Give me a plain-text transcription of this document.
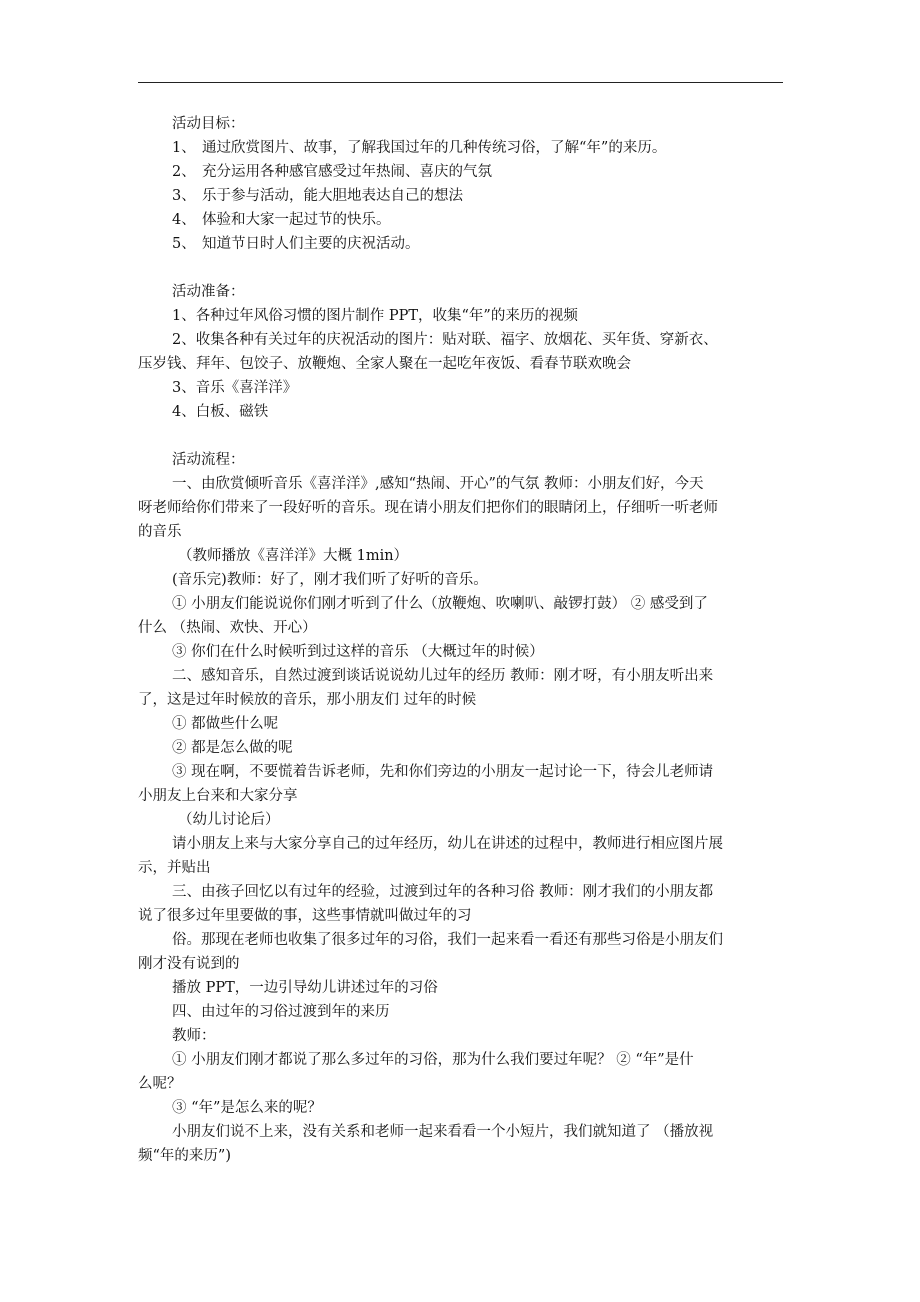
活动目标：
1、 通过欣赏图片、故事，了解我国过年的几种传统习俗，了解“年”的来历。
2、 充分运用各种感官感受过年热闹、喜庆的气氛
3、 乐于参与活动，能大胆地表达自己的想法
4、 体验和大家一起过节的快乐。
5、 知道节日时人们主要的庆祝活动。
活动准备：
1、各种过年风俗习惯的图片制作 PPT，收集“年”的来历的视频
2、收集各种有关过年的庆祝活动的图片：贴对联、福字、放烟花、买年货、穿新衣、
压岁钱、拜年、包饺子、放鞭炮、全家人聚在一起吃年夜饭、看春节联欢晚会
3、音乐《喜洋洋》
4、白板、磁铁
活动流程：
一、由欣赏倾听音乐《喜洋洋》,感知“热闹、开心”的气氛 教师：小朋友们好，今天
呀老师给你们带来了一段好听的音乐。现在请小朋友们把你们的眼睛闭上，仔细听一听老师
的音乐
（教师播放《喜洋洋》大概 1min）
(音乐完)教师：好了，刚才我们听了好听的音乐。
① 小朋友们能说说你们刚才听到了什么（放鞭炮、吹喇叭、敲锣打鼓） ② 感受到了
什么 （热闹、欢快、开心）
③ 你们在什么时候听到过这样的音乐 （大概过年的时候）
二、感知音乐，自然过渡到谈话说说幼儿过年的经历 教师：刚才呀，有小朋友听出来
了，这是过年时候放的音乐，那小朋友们 过年的时候
① 都做些什么呢
② 都是怎么做的呢
③ 现在啊，不要慌着告诉老师，先和你们旁边的小朋友一起讨论一下，待会儿老师请
小朋友上台来和大家分享
（幼儿讨论后）
请小朋友上来与大家分享自己的过年经历，幼儿在讲述的过程中，教师进行相应图片展
示，并贴出
三、由孩子回忆以有过年的经验，过渡到过年的各种习俗 教师：刚才我们的小朋友都
说了很多过年里要做的事，这些事情就叫做过年的习
俗。那现在老师也收集了很多过年的习俗，我们一起来看一看还有那些习俗是小朋友们
刚才没有说到的
播放 PPT，一边引导幼儿讲述过年的习俗
四、由过年的习俗过渡到年的来历
教师：
① 小朋友们刚才都说了那么多过年的习俗，那为什么我们要过年呢？ ② “年”是什
么呢？
③ “年”是怎么来的呢？
小朋友们说不上来，没有关系和老师一起来看看一个小短片，我们就知道了 （播放视
频“年的来历”)
